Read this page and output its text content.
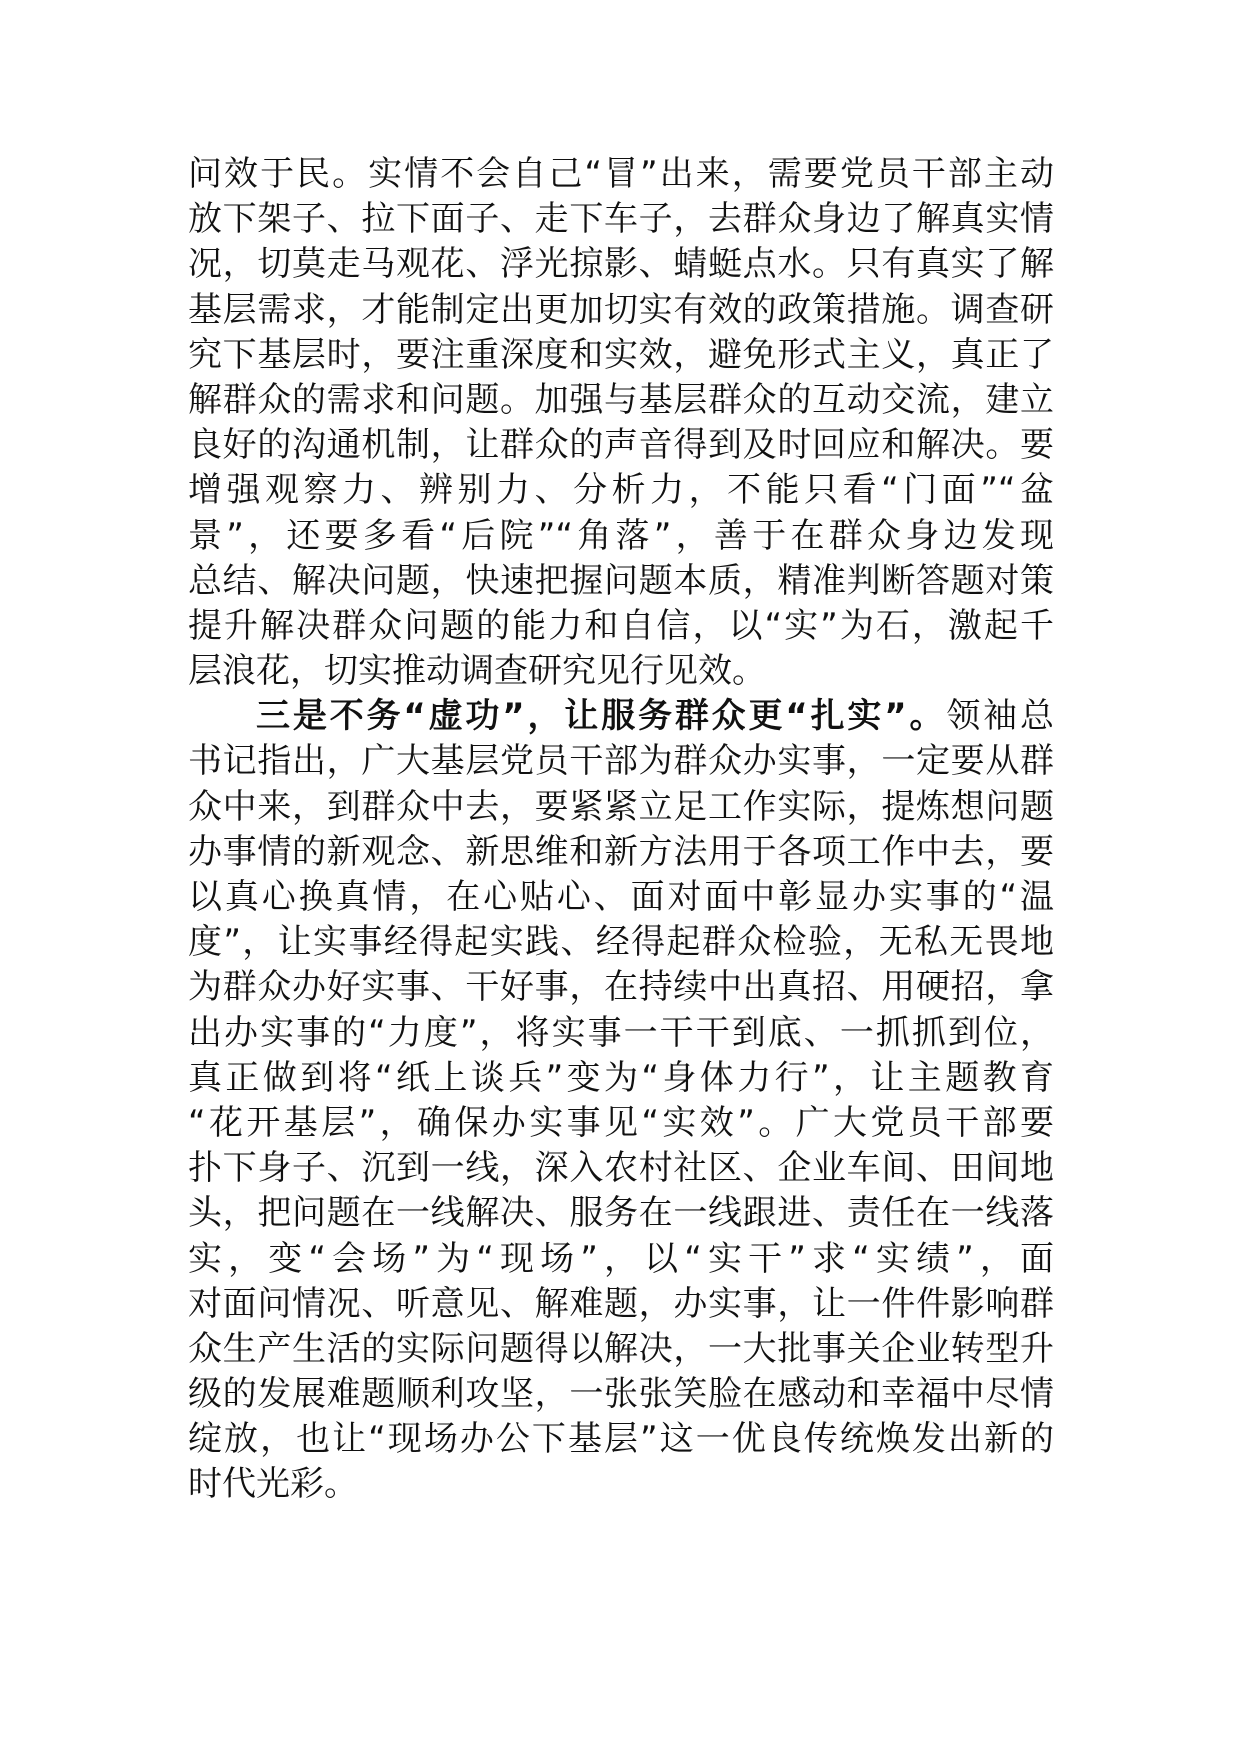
问效于民。实情不会自己“冒”出来，需要党员干部主动
放下架子、拉下面子、走下车子，去群众身边了解真实情
况，切莫走马观花、浮光掠影、蜻蜓点水。只有真实了解
基层需求，才能制定出更加切实有效的政策措施。调查研
究下基层时，要注重深度和实效，避免形式主义，真正了
解群众的需求和问题。加强与基层群众的互动交流，建立
良好的沟通机制，让群众的声音得到及时回应和解决。要
增强观察力、辨别力、分析力，不能只看“门面”“盆
景”，还要多看“后院”“角落”，善于在群众身边发现
总结、解决问题，快速把握问题本质，精准判断答题对策
提升解决群众问题的能力和自信，以“实”为石，激起千
层浪花，切实推动调查研究见行见效。
三是不务“虚功”，让服务群众更“扎实”。领袖总
书记指出，广大基层党员干部为群众办实事，一定要从群
众中来，到群众中去，要紧紧立足工作实际，提炼想问题
办事情的新观念、新思维和新方法用于各项工作中去，要
以真心换真情，在心贴心、面对面中彰显办实事的“温
度”，让实事经得起实践、经得起群众检验，无私无畏地
为群众办好实事、干好事，在持续中出真招、用硬招，拿
出办实事的“力度”，将实事一干干到底、一抓抓到位，
真正做到将“纸上谈兵”变为“身体力行”，让主题教育
“花开基层”，确保办实事见“实效”。广大党员干部要
扑下身子、沉到一线，深入农村社区、企业车间、田间地
头，把问题在一线解决、服务在一线跟进、责任在一线落
实，变“会场”为“现场”，以“实干”求“实绩”，面
对面问情况、听意见、解难题，办实事，让一件件影响群
众生产生活的实际问题得以解决，一大批事关企业转型升
级的发展难题顺利攻坚，一张张笑脸在感动和幸福中尽情
绽放，也让“现场办公下基层”这一优良传统焕发出新的
时代光彩。
